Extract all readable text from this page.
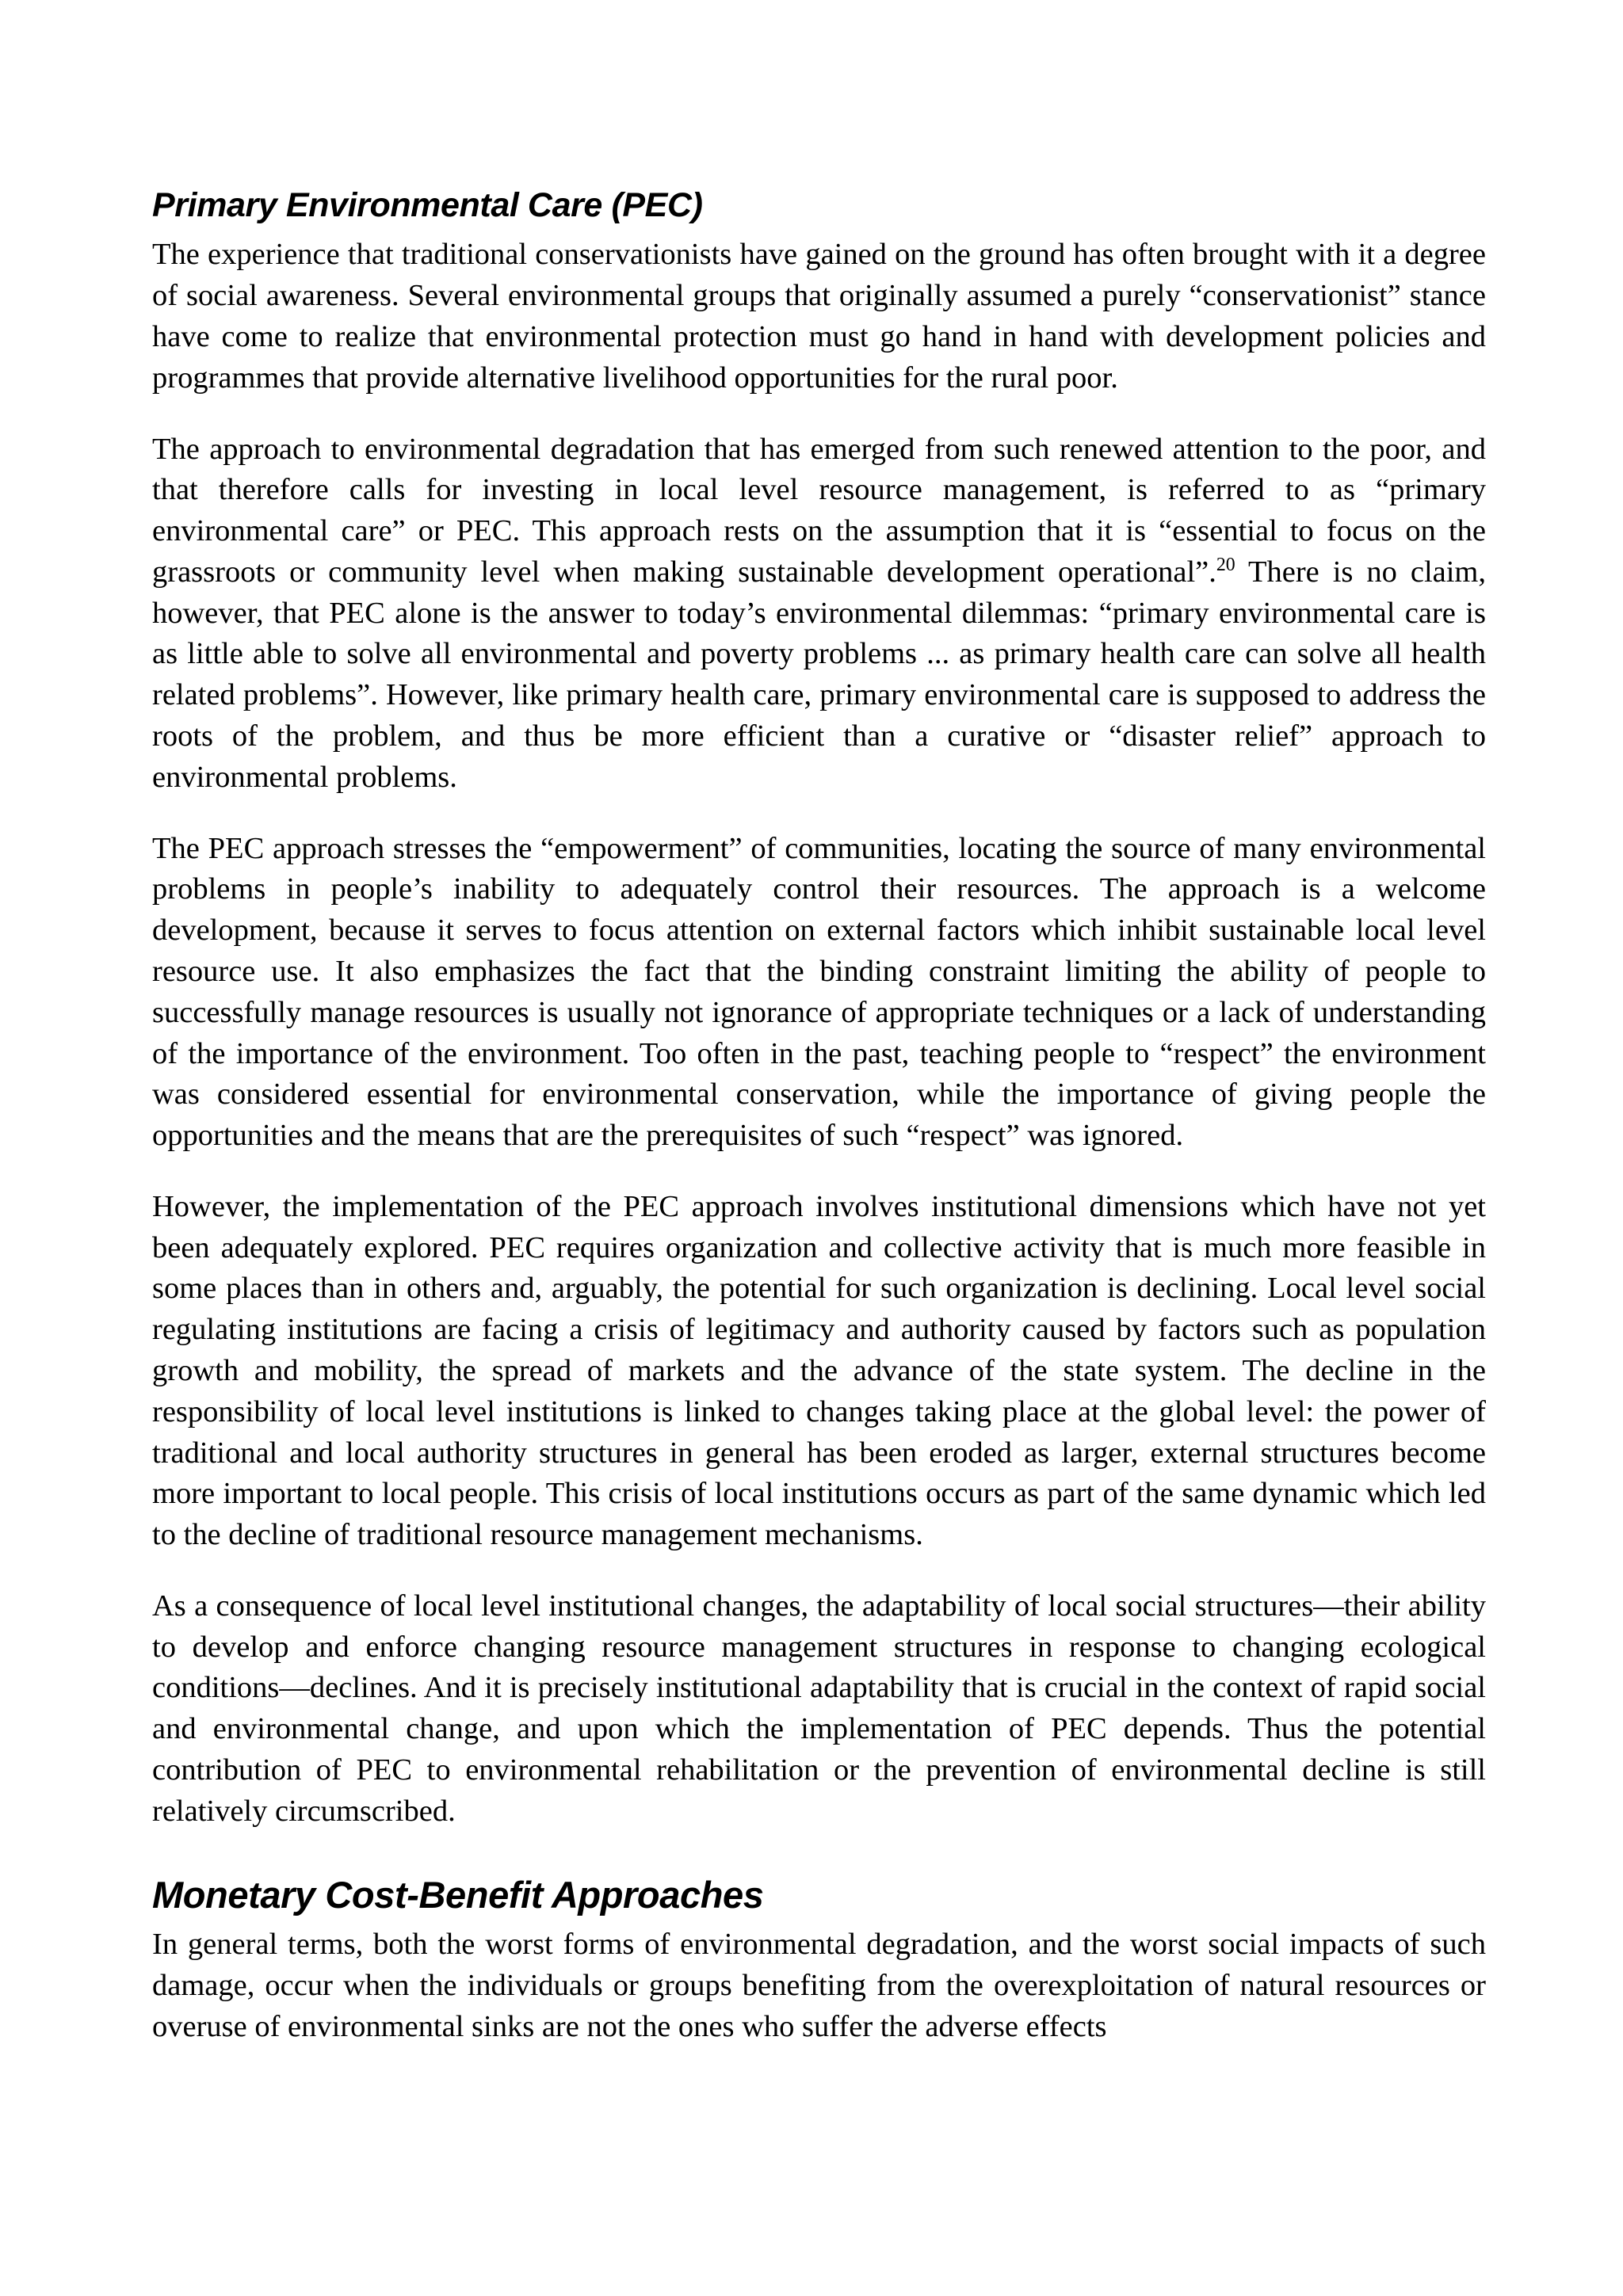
Primary Environmental Care (PEC)

The experience that traditional conservationists have gained on the ground has often brought with it a degree of social awareness. Several environmental groups that originally assumed a purely “conservationist” stance have come to realize that environmental protection must go hand in hand with development policies and programmes that provide alternative livelihood opportunities for the rural poor.

The approach to environmental degradation that has emerged from such renewed attention to the poor, and that therefore calls for investing in local level resource management, is referred to as “primary environmental care” or PEC. This approach rests on the assumption that it is “essential to focus on the grassroots or community level when making sustainable development operational”.$^{20}$ There is no claim, however, that PEC alone is the answer to today’s environmental dilemmas: “primary environmental care is as little able to solve all environmental and poverty problems ... as primary health care can solve all health related problems”. However, like primary health care, primary environmental care is supposed to address the roots of the problem, and thus be more efficient than a curative or “disaster relief” approach to environmental problems.

The PEC approach stresses the “empowerment” of communities, locating the source of many environmental problems in people’s inability to adequately control their resources. The approach is a welcome development, because it serves to focus attention on external factors which inhibit sustainable local level resource use. It also emphasizes the fact that the binding constraint limiting the ability of people to successfully manage resources is usually not ignorance of appropriate techniques or a lack of understanding of the importance of the environment. Too often in the past, teaching people to “respect” the environment was considered essential for environmental conservation, while the importance of giving people the opportunities and the means that are the prerequisites of such “respect” was ignored.

However, the implementation of the PEC approach involves institutional dimensions which have not yet been adequately explored. PEC requires organization and collective activity that is much more feasible in some places than in others and, arguably, the potential for such organization is declining. Local level social regulating institutions are facing a crisis of legitimacy and authority caused by factors such as population growth and mobility, the spread of markets and the advance of the state system. The decline in the responsibility of local level institutions is linked to changes taking place at the global level: the power of traditional and local authority structures in general has been eroded as larger, external structures become more important to local people. This crisis of local institutions occurs as part of the same dynamic which led to the decline of traditional resource management mechanisms.

As a consequence of local level institutional changes, the adaptability of local social structures—their ability to develop and enforce changing resource management structures in response to changing ecological conditions—declines. And it is precisely institutional adaptability that is crucial in the context of rapid social and environmental change, and upon which the implementation of PEC depends. Thus the potential contribution of PEC to environmental rehabilitation or the prevention of environmental decline is still relatively circumscribed.

Monetary Cost-Benefit Approaches

In general terms, both the worst forms of environmental degradation, and the worst social impacts of such damage, occur when the individuals or groups benefiting from the overexploitation of natural resources or overuse of environmental sinks are not the ones who suffer the adverse effects
